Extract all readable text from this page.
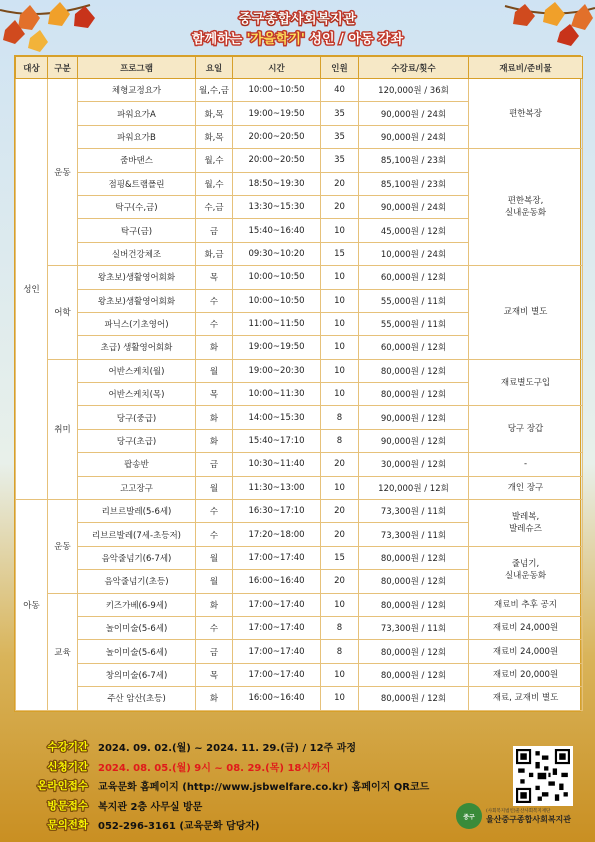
중구종합사회복지관
함께하는 '가을학기' 성인 / 아동 강좌
대상	구분	프로그램	요일	시간	인원	수강료/횟수	재료비/준비물
성인	운동	체형교정요가	월,수,금	10:00~10:50	40	120,000원 / 36회	편한복장
		파워요가A	화,목	19:00~19:50	35	90,000원 / 24회	
		파워요가B	화,목	20:00~20:50	35	90,000원 / 24회	
		줌바댄스	월,수	20:00~20:50	35	85,100원 / 23회	편한복장,
실내운동화
		점핑&트램폴린	월,수	18:50~19:30	20	85,100원 / 23회	
		탁구(수,금)	수,금	13:30~15:30	20	90,000원 / 24회	
		탁구(금)	금	15:40~16:40	10	45,000원 / 12회	
		실버건강체조	화,금	09:30~10:20	15	10,000원 / 24회	
	어학	왕초보)생활영어회화	목	10:00~10:50	10	60,000원 / 12회	교재비 별도
		왕초보)생활영어회화	수	10:00~10:50	10	55,000원 / 11회	
		파닉스(기초영어)	수	11:00~11:50	10	55,000원 / 11회	
		초급) 생활영어회화	화	19:00~19:50	10	60,000원 / 12회	
	취미	어반스케치(월)	월	19:00~20:30	10	80,000원 / 12회	재료별도구입
		어반스케치(목)	목	10:00~11:30	10	80,000원 / 12회	
		당구(중급)	화	14:00~15:30	8	90,000원 / 12회	당구 장갑
		당구(초급)	화	15:40~17:10	8	90,000원 / 12회	
		팝송반	금	10:30~11:40	20	30,000원 / 12회	-
		고고장구	월	11:30~13:00	10	120,000원 / 12회	개인 장구
아동	운동	리브르발레(5-6세)	수	16:30~17:10	20	73,300원 / 11회	발레복,
발레슈즈
		리브르발레(7세-초등저)	수	17:20~18:00	20	73,300원 / 11회	
		음악줄넘기(6-7세)	월	17:00~17:40	15	80,000원 / 12회	줄넘기,
실내운동화
		음악줄넘기(초등)	월	16:00~16:40	20	80,000원 / 12회	
	교육	키즈가베(6-9세)	화	17:00~17:40	10	80,000원 / 12회	재료비 추후 공지
		놀이미술(5-6세)	수	17:00~17:40	8	73,300원 / 11회	재료비 24,000원
		놀이미술(5-6세)	금	17:00~17:40	8	80,000원 / 12회	재료비 24,000원
		창의미술(6-7세)	목	17:00~17:40	10	80,000원 / 12회	재료비 20,000원
		주산 암산(초등)	화	16:00~16:40	10	80,000원 / 12회	재료, 교재비 별도
수강기간 2024. 09. 02.(월) ~ 2024. 11. 29.(금) / 12주 과정
신청기간 2024. 08. 05.(월) 9시 ~ 08. 29.(목) 18시까지
온라인접수 교육문화 홈페이지 (http://www.jsbwelfare.co.kr) 홈페이지 QR코드
방문접수 복지관 2층 사무실 방문
문의전화 052-296-3161 (교육문화 담당자)
중구
(사회복지법인)울산사회복지재단
울산중구종합사회복지관
